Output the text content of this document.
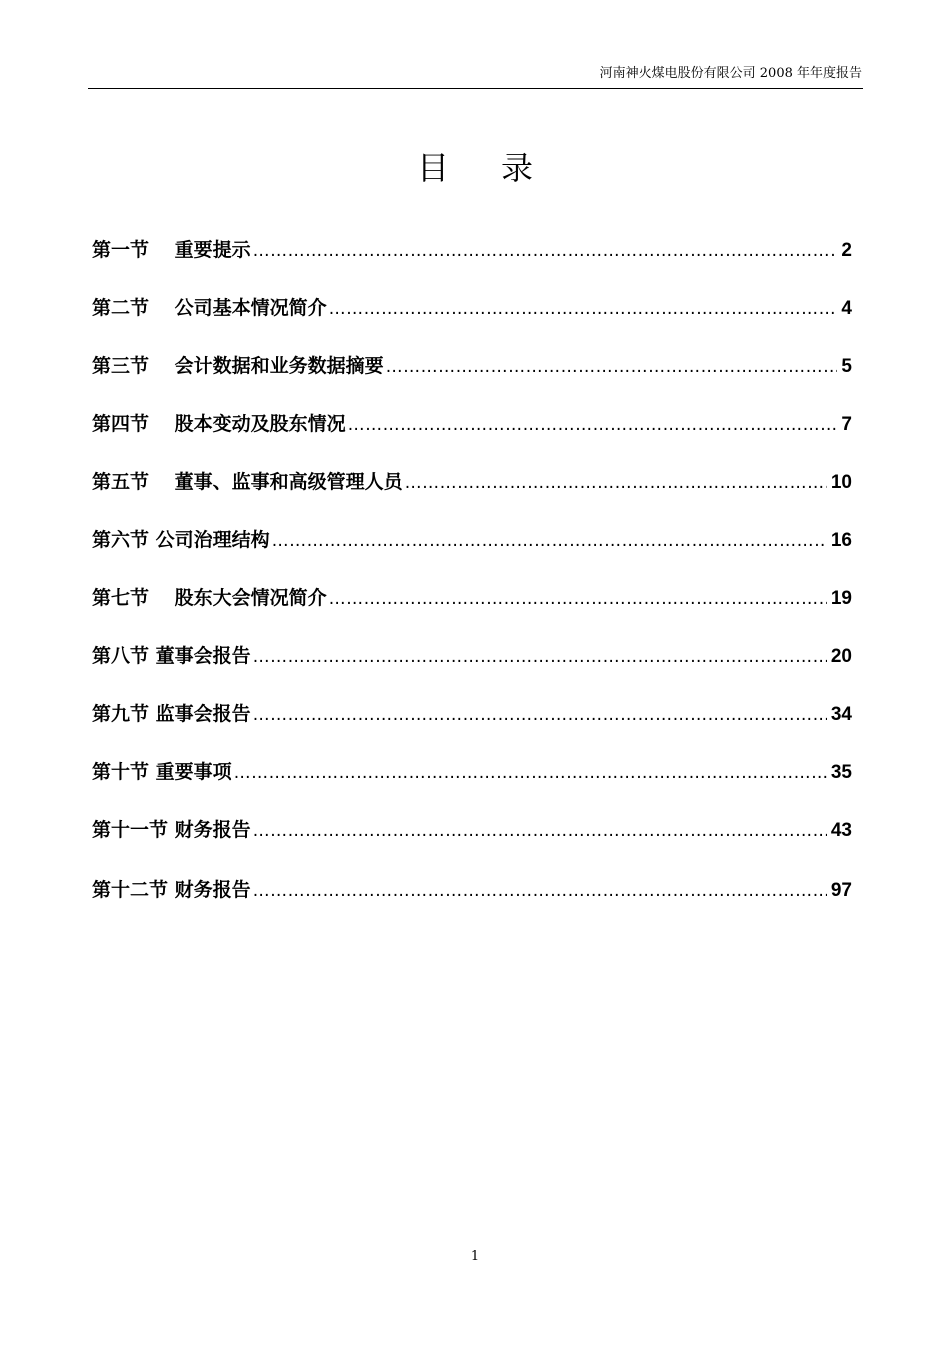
河南神火煤电股份有限公司 2008 年年度报告
目录
第一节　 重要提示 ……………………………………………………………………………………………………………………………………………………………………	2
第二节　 公司基本情况简介 ……………………………………………………………………………………………………………………………………………………………………	4
第三节　 会计数据和业务数据摘要 ……………………………………………………………………………………………………………………………………………………………………	5
第四节　 股本变动及股东情况 ……………………………………………………………………………………………………………………………………………………………………	7
第五节　 董事、监事和高级管理人员 ……………………………………………………………………………………………………………………………………………………………………	10
第六节 公司治理结构 ……………………………………………………………………………………………………………………………………………………………………	16
第七节　 股东大会情况简介 ……………………………………………………………………………………………………………………………………………………………………	19
第八节 董事会报告 ……………………………………………………………………………………………………………………………………………………………………	20
第九节 监事会报告 ……………………………………………………………………………………………………………………………………………………………………	34
第十节 重要事项 ……………………………………………………………………………………………………………………………………………………………………	35
第十一节 财务报告 ……………………………………………………………………………………………………………………………………………………………………	43
第十二节 财务报告 ……………………………………………………………………………………………………………………………………………………………………	97
1
